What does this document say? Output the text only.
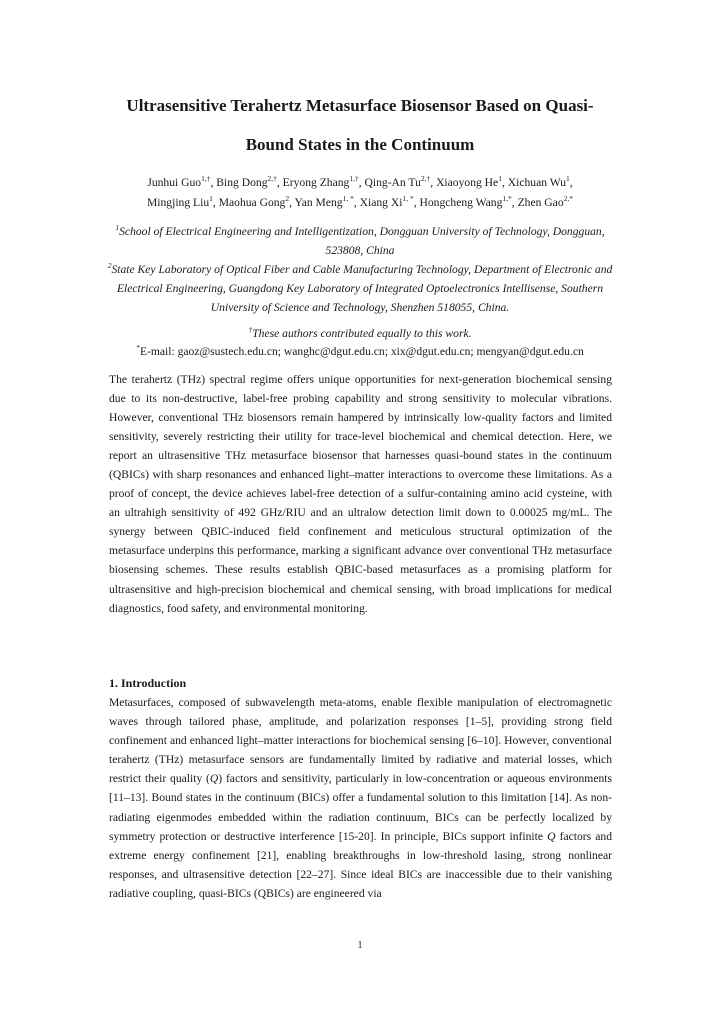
Ultrasensitive Terahertz Metasurface Biosensor Based on Quasi-
Bound States in the Continuum
Junhui Guo$^{1,\dagger}$, Bing Dong$^{2,\dagger}$, Eryong Zhang$^{1,\dagger}$, Qing-An $Tu^{2,\dagger}$, Xiaoyong He$^1$, Xichuan Wu$^1$,
Mingjing Liu$^1$, Maohua Gong$^2$, Yan Meng$^{1, *}$, Xiang $Xi^{1, *}$, Hongcheng Wang$^{1,*}$, Zhen Gao$^{2,*}$

$^1$School of Electrical Engineering and Intelligentization, Dongguan University of Technology, Dongguan, 523808, China

$^2$State Key Laboratory of Optical Fiber and Cable Manufacturing Technology, Department of Electronic and Electrical Engineering, Guangdong Key Laboratory of Integrated Optoelectronics Intellisense, Southern University of Science and Technology, Shenzhen 518055, China.

†These authors contributed equally to this work.
*E-mail: gaoz@sustech.edu.cn; wanghc@dgut.edu.cn; xix@dgut.edu.cn; mengyan@dgut.edu.cn

The terahertz (THz) spectral regime offers unique opportunities for next-generation biochemical sensing due to its non-destructive, label-free probing capability and strong sensitivity to molecular vibrations. However, conventional THz biosensors remain hampered by intrinsically low-quality factors and limited sensitivity, severely restricting their utility for trace-level biochemical and chemical detection. Here, we report an ultrasensitive THz metasurface biosensor that harnesses quasi-bound states in the continuum (QBICs) with sharp resonances and enhanced light–matter interactions to overcome these limitations. As a proof of concept, the device achieves label-free detection of a sulfur-containing amino acid cysteine, with an ultrahigh sensitivity of 492 GHz/RIU and an ultralow detection limit down to 0.00025 mg/mL. The synergy between QBIC-induced field confinement and meticulous structural optimization of the metasurface underpins this performance, marking a significant advance over conventional THz metasurface biosensing schemes. These results establish QBIC-based metasurfaces as a promising platform for ultrasensitive and high-precision biochemical and chemical sensing, with broad implications for medical diagnostics, food safety, and environmental monitoring.

1. Introduction

Metasurfaces, composed of subwavelength meta-atoms, enable flexible manipulation of electromagnetic waves through tailored phase, amplitude, and polarization responses [1–5], providing strong field confinement and enhanced light–matter interactions for biochemical sensing [6–10]. However, conventional terahertz (THz) metasurface sensors are fundamentally limited by radiative and material losses, which restrict their quality (Q) factors and sensitivity, particularly in low-concentration or aqueous environments [11–13]. Bound states in the continuum (BICs) offer a fundamental solution to this limitation [14]. As non-radiating eigenmodes embedded within the radiation continuum, BICs can be perfectly localized by symmetry protection or destructive interference [15-20]. In principle, BICs support infinite Q factors and extreme energy confinement [21], enabling breakthroughs in low-threshold lasing, strong nonlinear responses, and ultrasensitive detection [22–27]. Since ideal BICs are inaccessible due to their vanishing radiative coupling, quasi-BICs (QBICs) are engineered via

1
